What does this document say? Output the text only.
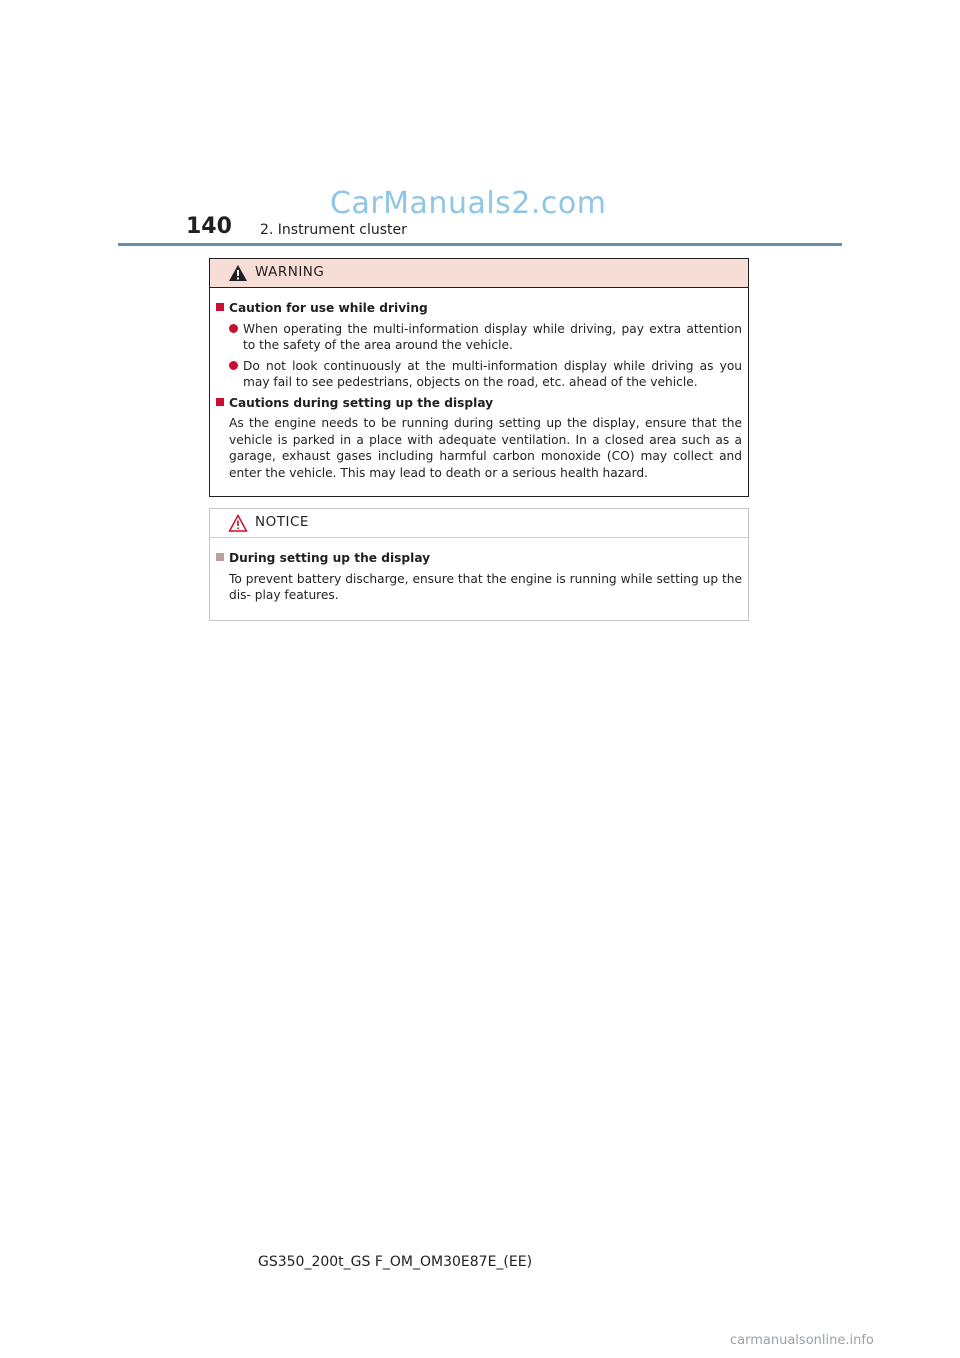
CarManuals2.com
140 2. Instrument cluster
WARNING

Caution for use while driving

When operating the multi-information display while driving, pay extra attention to the safety of the area around the vehicle.

Do not look continuously at the multi-information display while driving as you may fail to see pedestrians, objects on the road, etc. ahead of the vehicle.

Cautions during setting up the display

As the engine needs to be running during setting up the display, ensure that the vehicle is parked in a place with adequate ventilation. In a closed area such as a garage, exhaust gases including harmful carbon monoxide (CO) may collect and enter the vehicle. This may lead to death or a serious health hazard.

NOTICE

During setting up the display

To prevent battery discharge, ensure that the engine is running while setting up the dis- play features.

GS350_200t_GS F_OM_OM30E87E_(EE)
carmanualsonline.info
